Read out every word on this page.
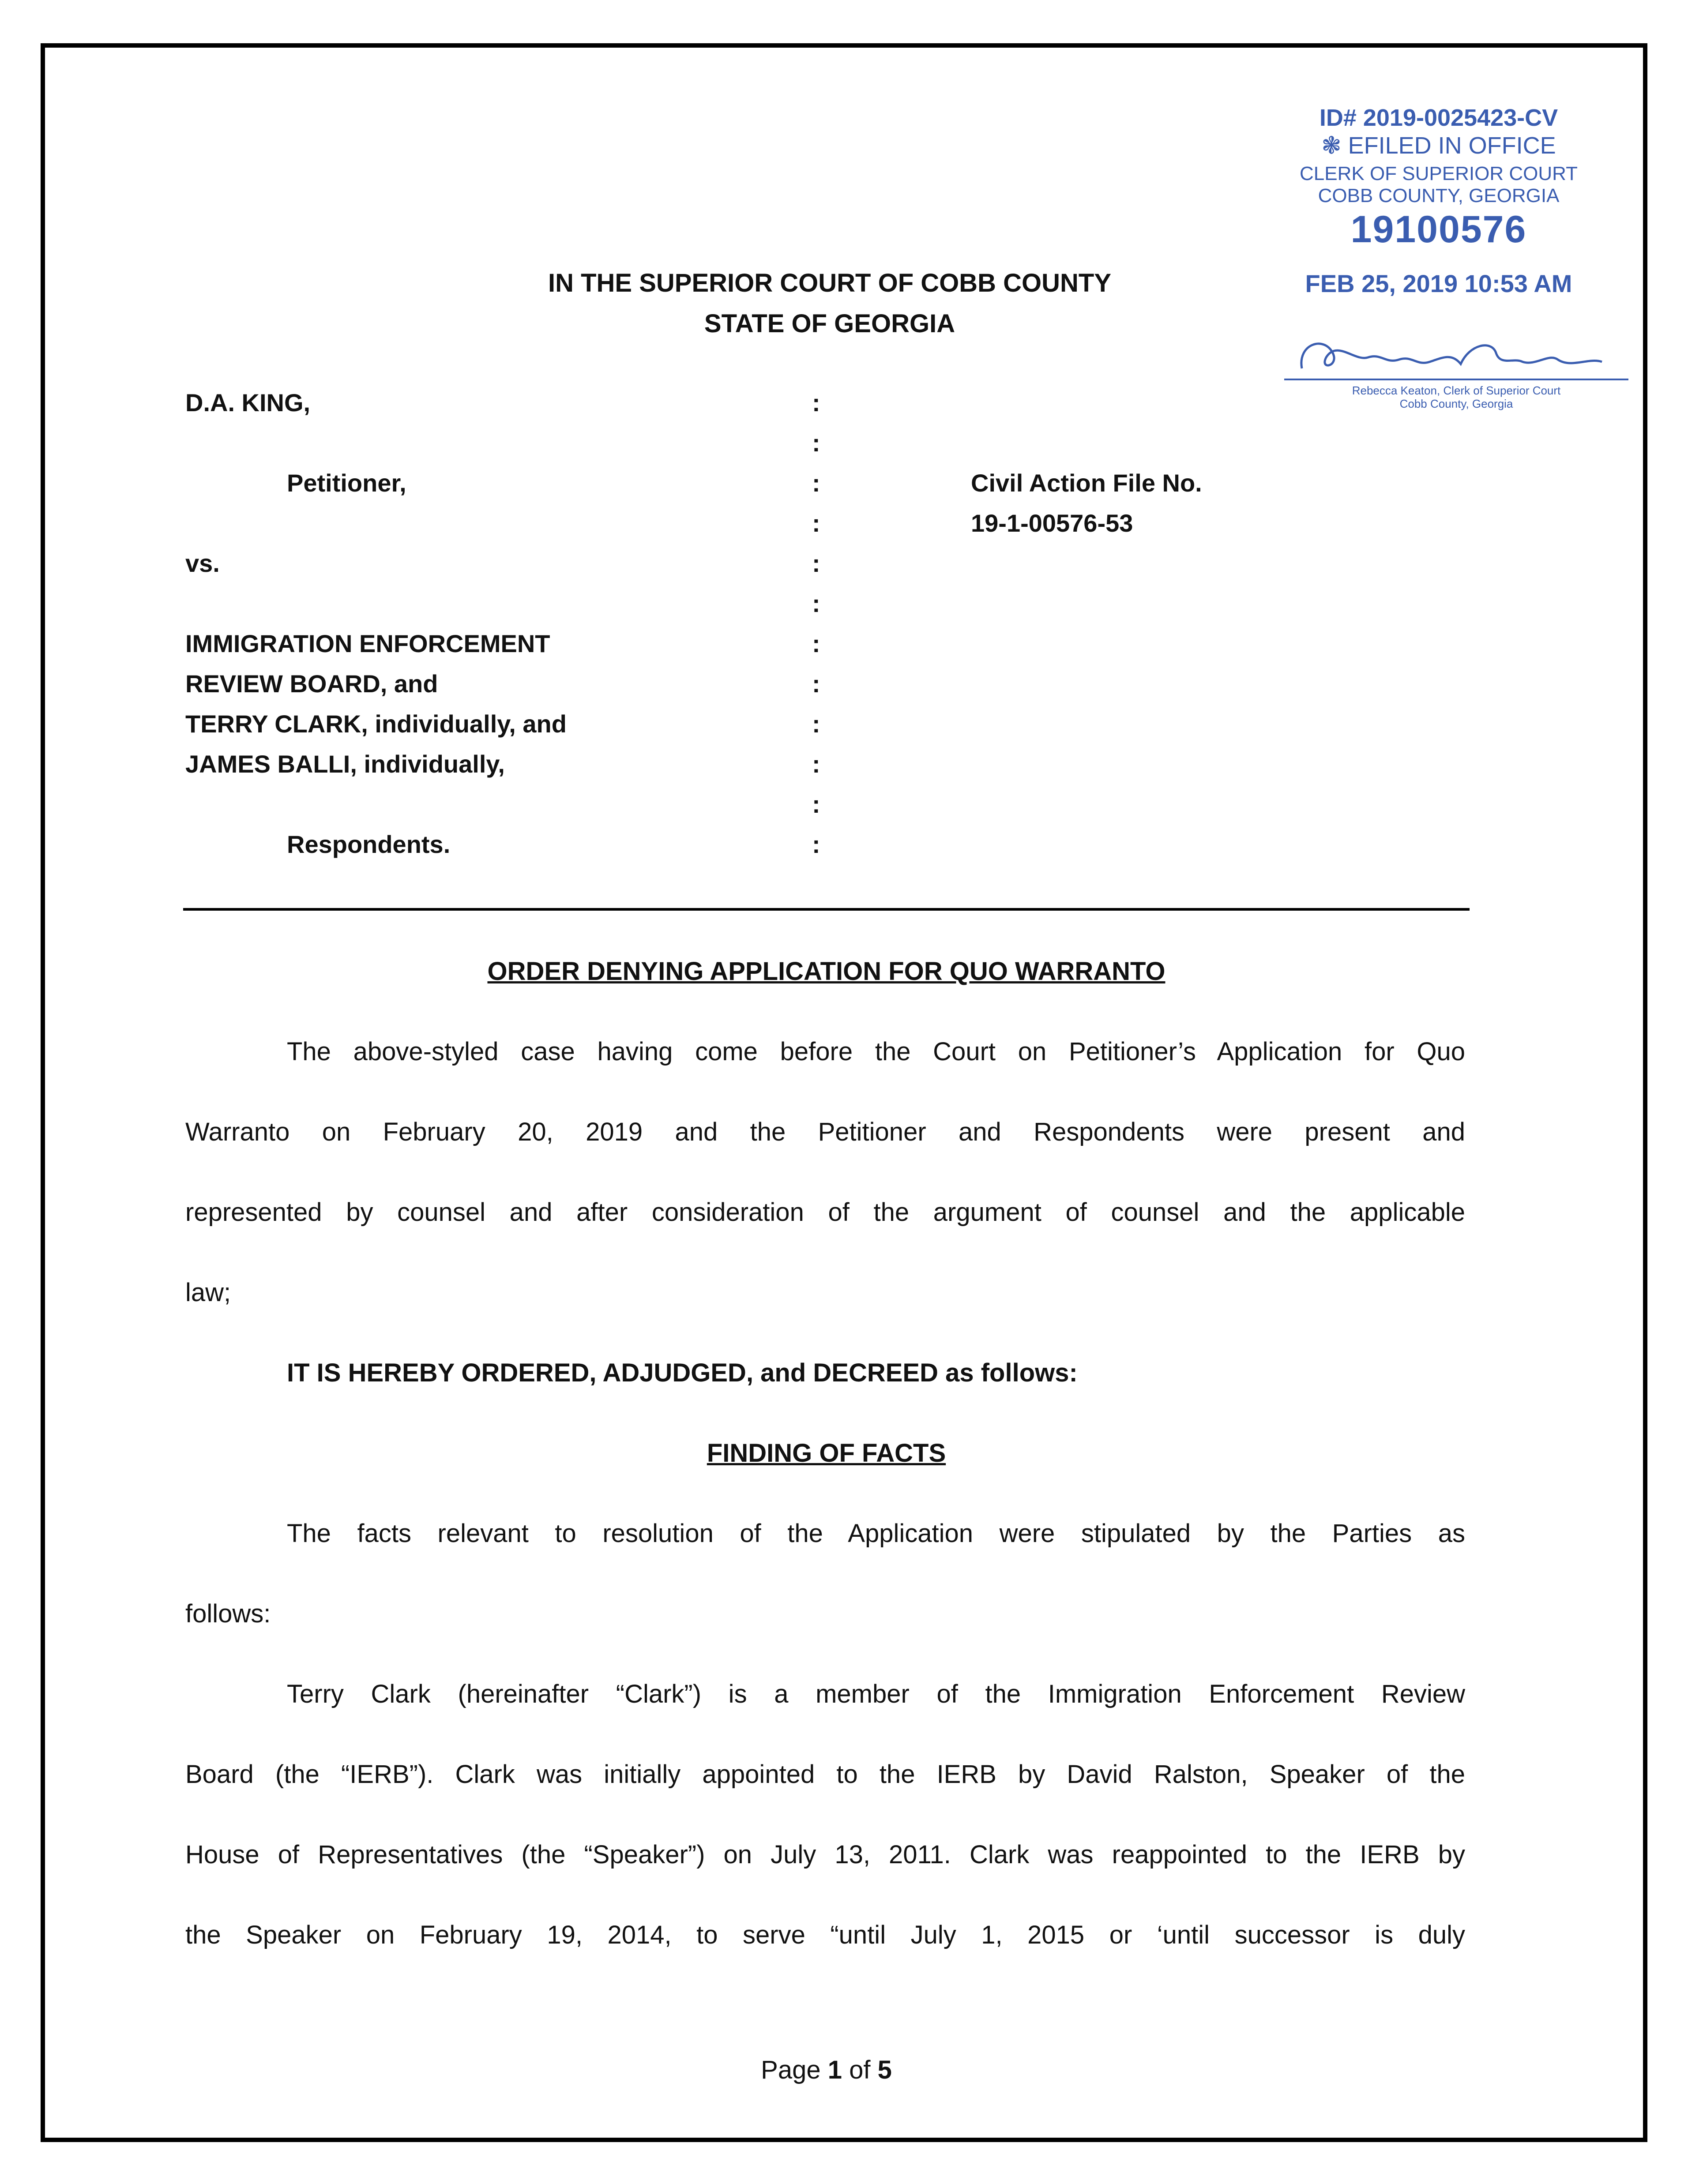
ID# 2019-0025423-CV
❃ EFILED IN OFFICE
CLERK OF SUPERIOR COURT
COBB COUNTY, GEORGIA
19100576
FEB 25, 2019 10:53 AM
Rebecca Keaton, Clerk of Superior Court
Cobb County, Georgia
IN THE SUPERIOR COURT OF COBB COUNTY
STATE OF GEORGIA
D.A. KING,
Petitioner,
vs.
IMMIGRATION ENFORCEMENT
REVIEW BOARD, and
TERRY CLARK, individually, and
JAMES BALLI, individually,
Respondents.
:
:
:
:
:
:
:
:
:
:
:
:
Civil Action File No.
19-1-00576-53
ORDER DENYING APPLICATION FOR QUO WARRANTO
The above-styled case having come before the Court on Petitioner’s Application for Quo
Warranto on February 20, 2019 and the Petitioner and Respondents were present and
represented by counsel and after consideration of the argument of counsel and the applicable
law;
IT IS HEREBY ORDERED, ADJUDGED, and DECREED as follows:
FINDING OF FACTS
The facts relevant to resolution of the Application were stipulated by the Parties as
follows:
Terry Clark (hereinafter “Clark”) is a member of the Immigration Enforcement Review
Board (the “IERB”). Clark was initially appointed to the IERB by David Ralston, Speaker of the
House of Representatives (the “Speaker”) on July 13, 2011. Clark was reappointed to the IERB by
the Speaker on February 19, 2014, to serve “until July 1, 2015 or ‘until successor is duly
Page 1 of 5
